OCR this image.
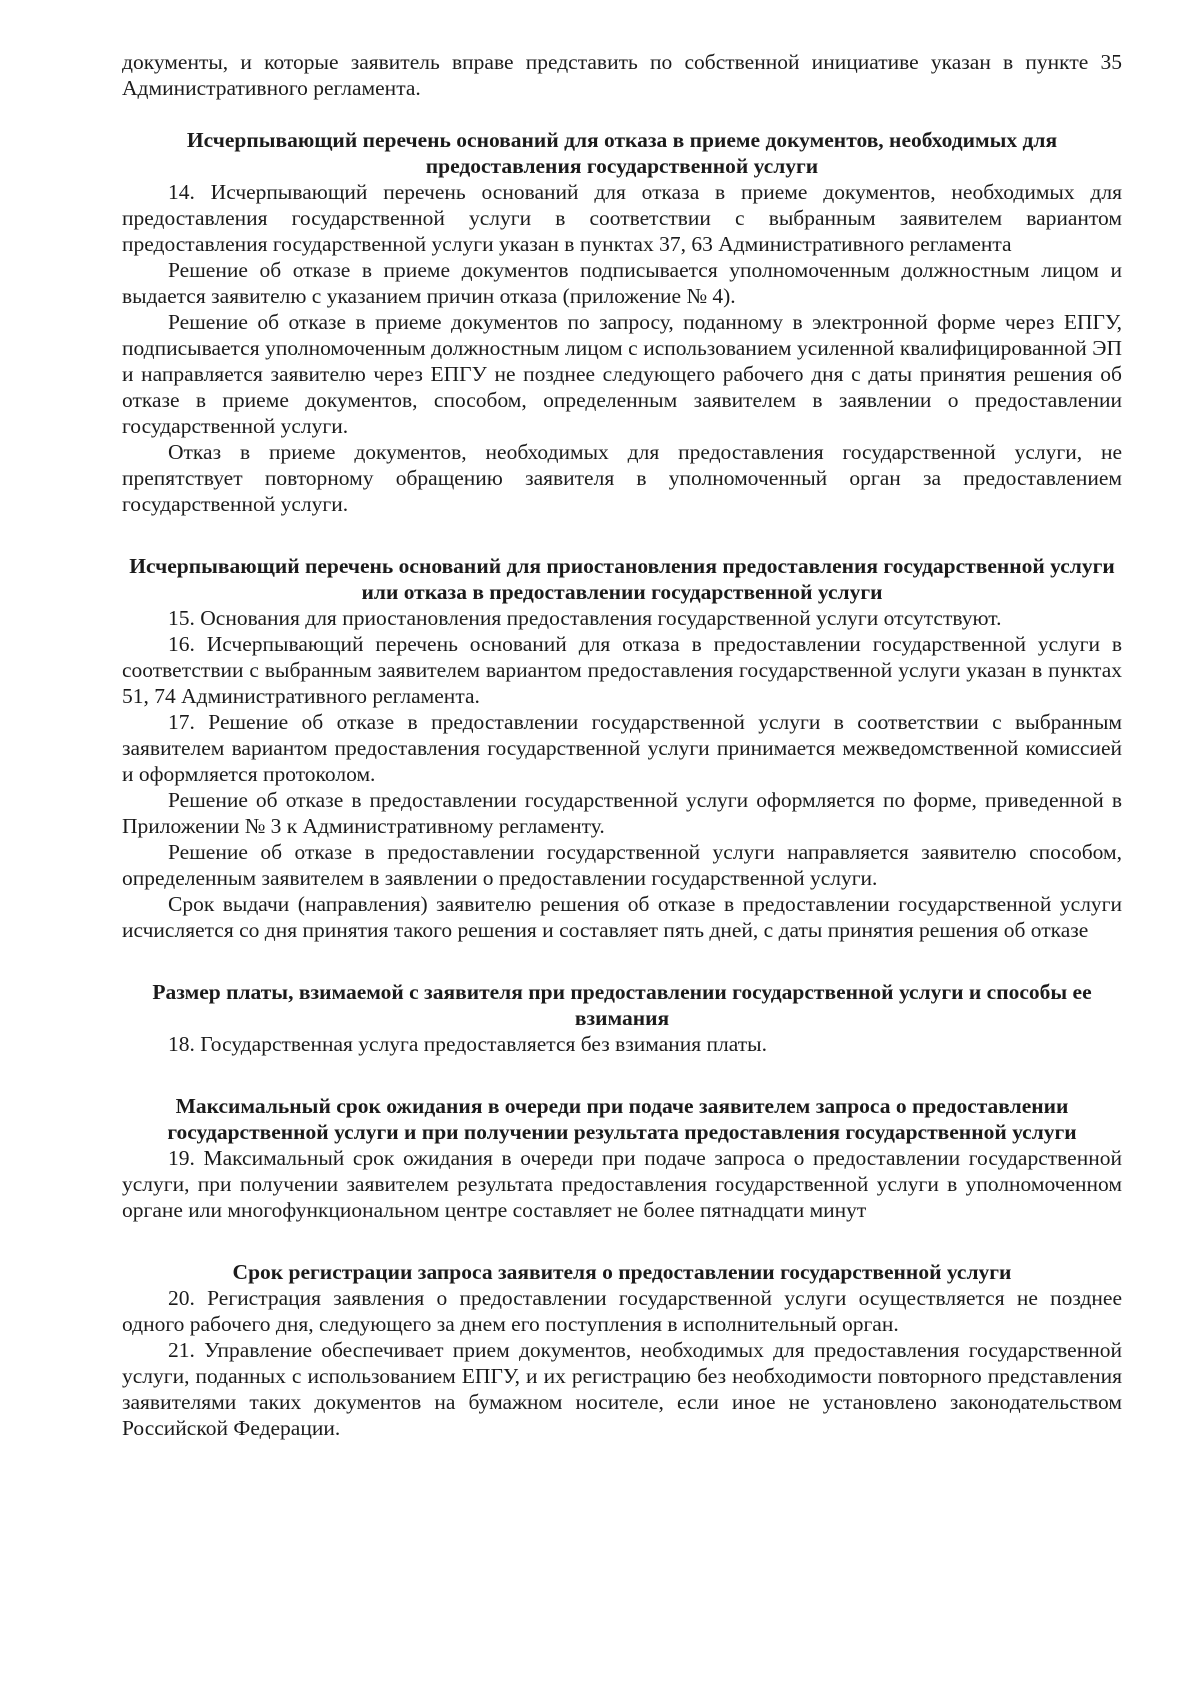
документы, и которые заявитель вправе представить по собственной инициативе указан в пункте 35 Административного регламента.

Исчерпывающий перечень оснований для отказа в приеме документов, необходимых для предоставления государственной услуги

14. Исчерпывающий перечень оснований для отказа в приеме документов, необходимых для предоставления государственной услуги в соответствии с выбранным заявителем вариантом предоставления государственной услуги указан в пунктах 37, 63 Административного регламента

Решение об отказе в приеме документов подписывается уполномоченным должностным лицом и выдается заявителю с указанием причин отказа (приложение № 4).

Решение об отказе в приеме документов по запросу, поданному в электронной форме через ЕПГУ, подписывается уполномоченным должностным лицом с использованием усиленной квалифицированной ЭП и направляется заявителю через ЕПГУ не позднее следующего рабочего дня с даты принятия решения об отказе в приеме документов, способом, определенным заявителем в заявлении о предоставлении государственной услуги.

Отказ в приеме документов, необходимых для предоставления государственной услуги, не препятствует повторному обращению заявителя в уполномоченный орган за предоставлением государственной услуги.

Исчерпывающий перечень оснований для приостановления предоставления государственной услуги или отказа в предоставлении государственной услуги

15. Основания для приостановления предоставления государственной услуги отсутствуют.

16. Исчерпывающий перечень оснований для отказа в предоставлении государственной услуги в соответствии с выбранным заявителем вариантом предоставления государственной услуги указан в пунктах 51, 74 Административного регламента.

17. Решение об отказе в предоставлении государственной услуги в соответствии с выбранным заявителем вариантом предоставления государственной услуги принимается межведомственной комиссией и оформляется протоколом.

Решение об отказе в предоставлении государственной услуги оформляется по форме, приведенной в Приложении № 3 к Административному регламенту.

Решение об отказе в предоставлении государственной услуги направляется заявителю способом, определенным заявителем в заявлении о предоставлении государственной услуги.

Срок выдачи (направления) заявителю решения об отказе в предоставлении государственной услуги исчисляется со дня принятия такого решения и составляет пять дней, с даты принятия решения об отказе

Размер платы, взимаемой с заявителя при предоставлении государственной услуги и способы ее взимания

18. Государственная услуга предоставляется без взимания платы.

Максимальный срок ожидания в очереди при подаче заявителем запроса о предоставлении государственной услуги и при получении результата предоставления государственной услуги

19. Максимальный срок ожидания в очереди при подаче запроса о предоставлении государственной услуги, при получении заявителем результата предоставления государственной услуги в уполномоченном органе или многофункциональном центре составляет не более пятнадцати минут

Срок регистрации запроса заявителя о предоставлении государственной услуги

20. Регистрация заявления о предоставлении государственной услуги осуществляется не позднее одного рабочего дня, следующего за днем его поступления в исполнительный орган.

21. Управление обеспечивает прием документов, необходимых для предоставления государственной услуги, поданных с использованием ЕПГУ, и их регистрацию без необходимости повторного представления заявителями таких документов на бумажном носителе, если иное не установлено законодательством Российской Федерации.
